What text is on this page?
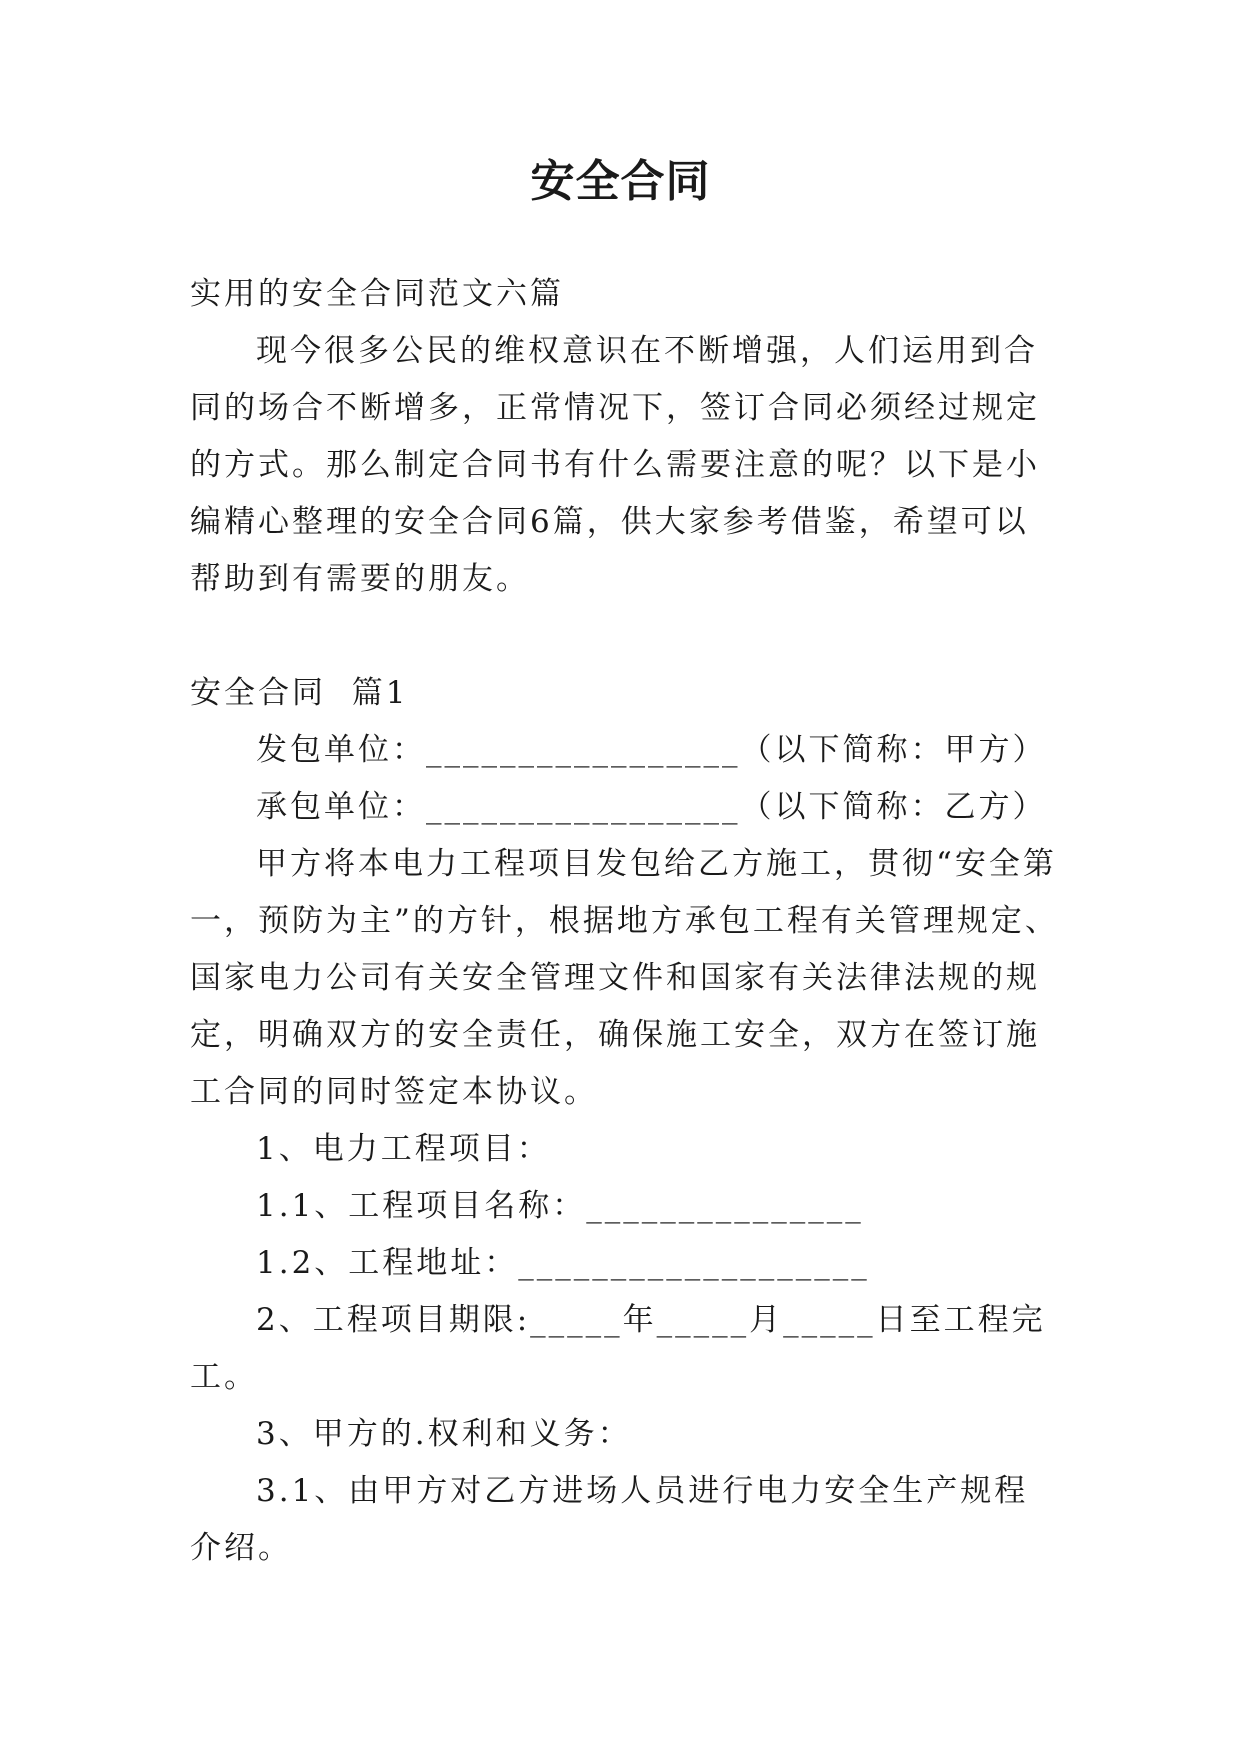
安全合同

实用的安全合同范文六篇

现今很多公民的维权意识在不断增强，人们运用到合同的场合不断增多，正常情况下，签订合同必须经过规定的方式。那么制定合同书有什么需要注意的呢？以下是小编精心整理的安全合同6篇，供大家参考借鉴，希望可以帮助到有需要的朋友。

安全合同  篇1

发包单位：_________________（以下简称：甲方）

承包单位：_________________（以下简称：乙方）

甲方将本电力工程项目发包给乙方施工，贯彻“安全第一，预防为主”的方针，根据地方承包工程有关管理规定、国家电力公司有关安全管理文件和国家有关法律法规的规定，明确双方的安全责任，确保施工安全，双方在签订施工合同的同时签定本协议。

1、电力工程项目：

1.1、工程项目名称：_______________

1.2、工程地址：___________________

2、工程项目期限:_____年_____月_____日至工程完工。

3、甲方的.权利和义务：

3.1、由甲方对乙方进场人员进行电力安全生产规程介绍。
